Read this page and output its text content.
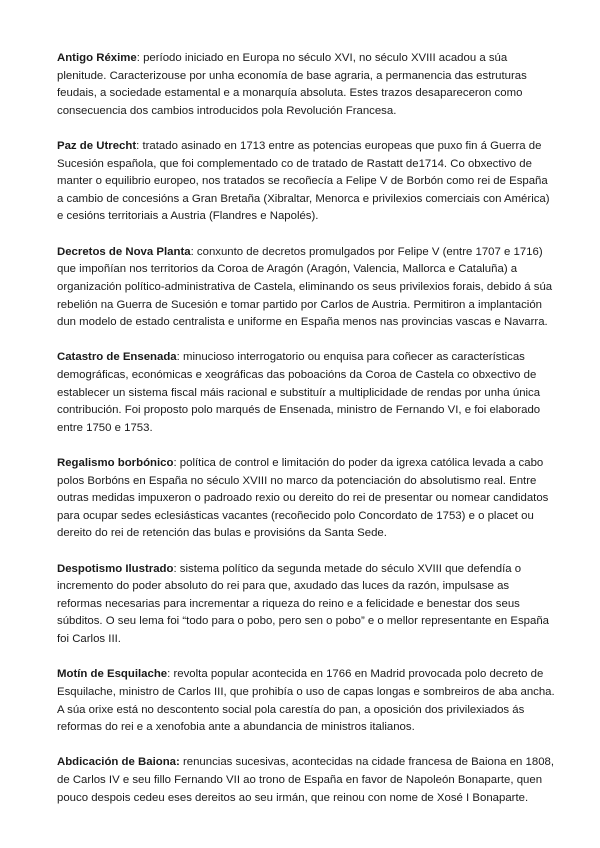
Antigo Réxime: período iniciado en Europa no século XVI, no século XVIII acadou a súa plenitude. Caracterizouse por unha economía de base agraria, a permanencia das estruturas feudais, a sociedade estamental e a monarquía absoluta. Estes trazos desapareceron como consecuencia dos cambios introducidos pola Revolución Francesa.

Paz de Utrecht: tratado asinado en 1713 entre as potencias europeas que puxo fin á Guerra de Sucesión española, que foi complementado co de tratado de Rastatt de1714. Co obxectivo de manter o equilibrio europeo, nos tratados se recoñecía a Felipe V de Borbón como rei de España a cambio de concesións a Gran Bretaña (Xibraltar, Menorca e privilexios comerciais con América) e cesións territoriais a Austria (Flandres e Napolés).

Decretos de Nova Planta: conxunto de decretos promulgados por Felipe V (entre 1707 e 1716) que impoñían nos territorios da Coroa de Aragón (Aragón, Valencia, Mallorca e Cataluña) a organización político-administrativa de Castela, eliminando os seus privilexios forais, debido á súa rebelión na Guerra de Sucesión e tomar partido por Carlos de Austria. Permitiron a implantación dun modelo de estado centralista e uniforme en España menos nas provincias vascas e Navarra.

Catastro de Ensenada: minucioso interrogatorio ou enquisa para coñecer as características demográficas, económicas e xeográficas das poboacións da Coroa de Castela co obxectivo de establecer un sistema fiscal máis racional e substituír a multiplicidade de rendas por unha única contribución. Foi proposto polo marqués de Ensenada, ministro de Fernando VI, e foi elaborado entre 1750 e 1753.

Regalismo borbónico: política de control e limitación do poder da igrexa católica levada a cabo polos Borbóns en España no século XVIII no marco da potenciación do absolutismo real. Entre outras medidas impuxeron o padroado rexio ou dereito do rei de presentar ou nomear candidatos para ocupar sedes eclesiásticas vacantes (recoñecido polo Concordato de 1753) e o placet ou dereito do rei de retención das bulas e provisións da Santa Sede.

Despotismo Ilustrado: sistema político da segunda metade do século XVIII que defendía o incremento do poder absoluto do rei para que, axudado das luces da razón, impulsase as reformas necesarias para incrementar a riqueza do reino e a felicidade e benestar dos seus súbditos. O seu lema foi “todo para o pobo, pero sen o pobo” e o mellor representante en España foi Carlos III.

Motín de Esquilache: revolta popular acontecida en 1766 en Madrid provocada polo decreto de Esquilache, ministro de Carlos III, que prohibía o uso de capas longas e sombreiros de aba ancha. A súa orixe está no descontento social pola carestía do pan, a oposición dos privilexiados ás reformas do rei e a xenofobia ante a abundancia de ministros italianos.

Abdicación de Baiona: renuncias sucesivas, acontecidas na cidade francesa de Baiona en 1808, de Carlos IV e seu fillo Fernando VII ao trono de España en favor de Napoleón Bonaparte, quen pouco despois cedeu eses dereitos ao seu irmán, que reinou con nome de Xosé I Bonaparte.
